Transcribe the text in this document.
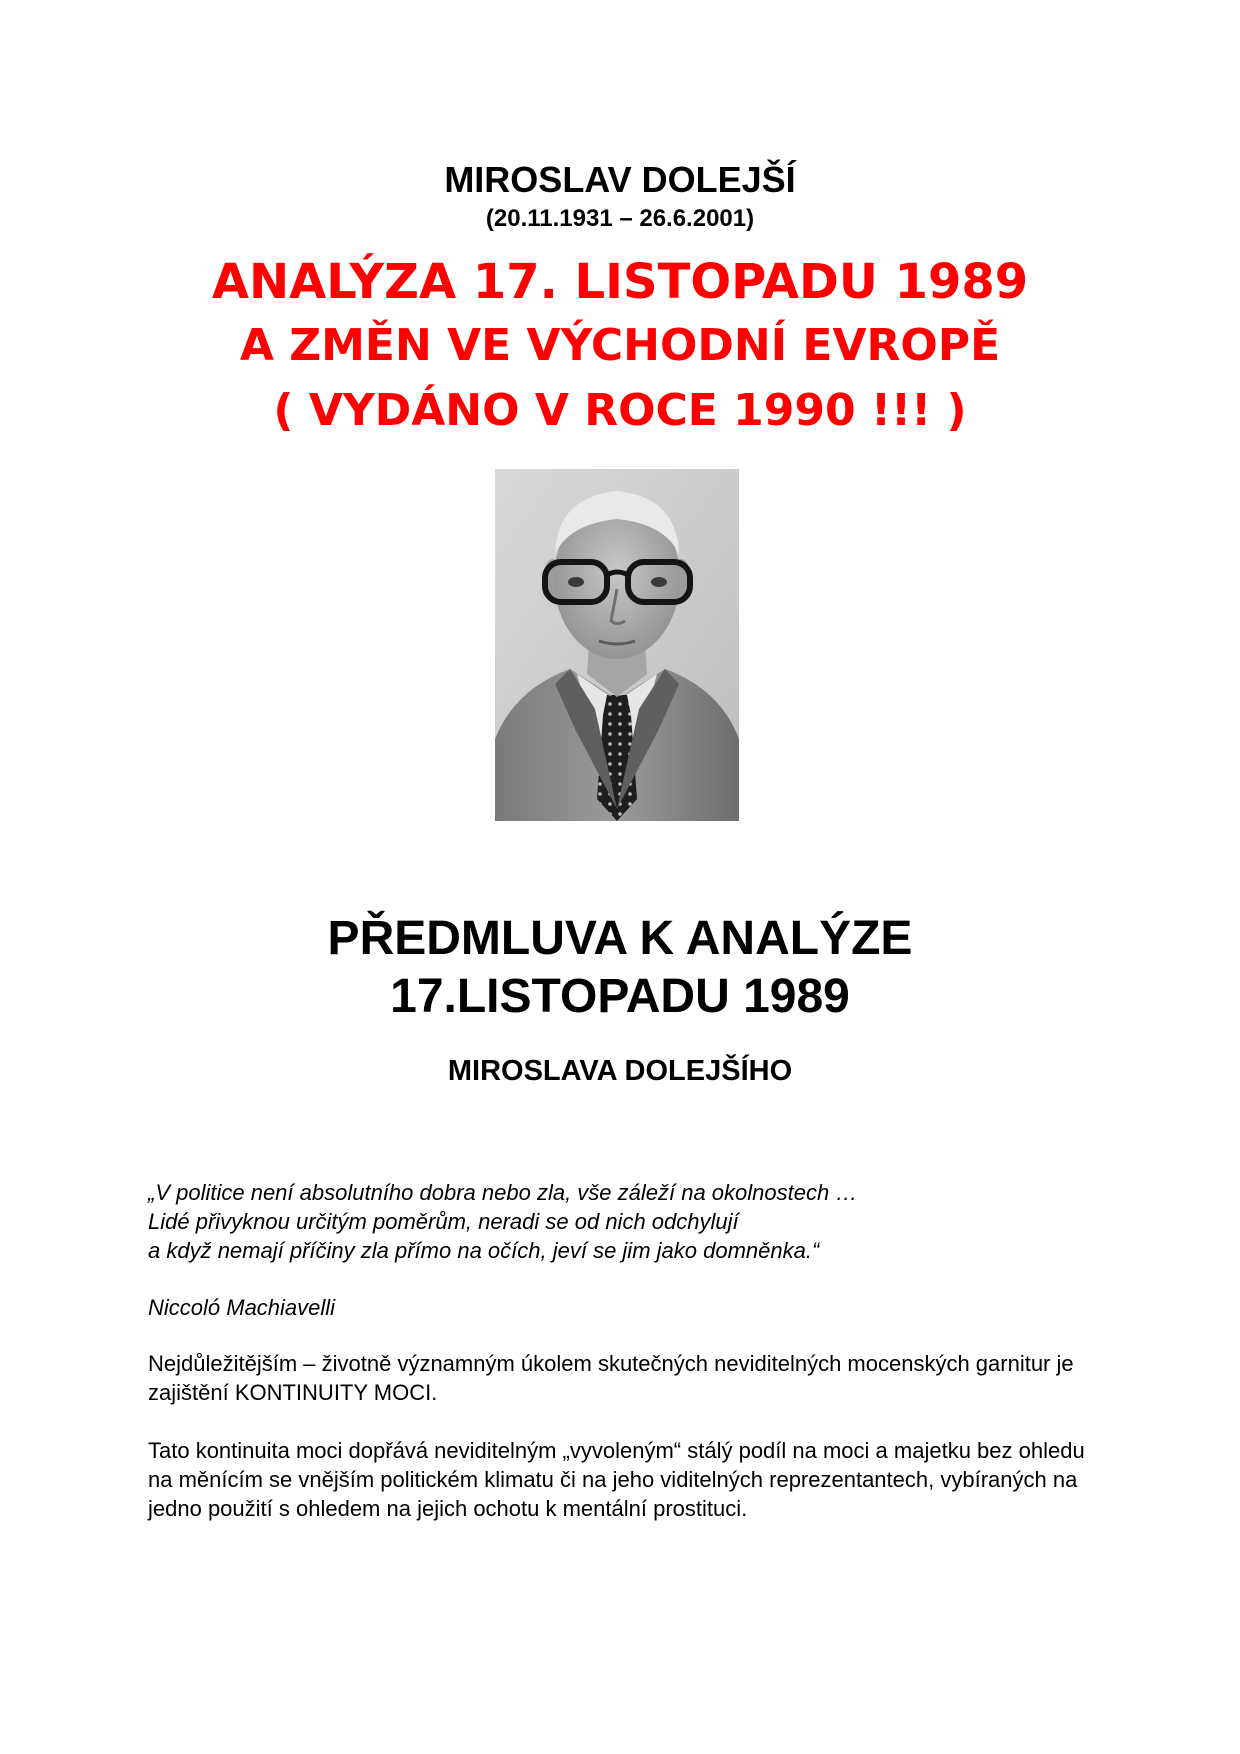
MIROSLAV DOLEJŠÍ
(20.11.1931 – 26.6.2001)
ANALÝZA 17. LISTOPADU 1989
A ZMĚN VE VÝCHODNÍ EVROPĚ
( VYDÁNO V ROCE 1990 !!! )
PŘEDMLUVA K ANALÝZE
17.LISTOPADU 1989
MIROSLAVA DOLEJŠÍHO
„V politice není absolutního dobra nebo zla, vše záleží na okolnostech …
Lidé přivyknou určitým poměrům, neradi se od nich odchylují
a když nemají příčiny zla přímo na očích, jeví se jim jako domněnka.“
Niccoló Machiavelli
Nejdůležitějším – životně významným úkolem skutečných neviditelných mocenských garnitur je zajištění KONTINUITY MOCI.
Tato kontinuita moci dopřává neviditelným „vyvoleným“ stálý podíl na moci a majetku bez ohledu na měnícím se vnějším politickém klimatu či na jeho viditelných reprezentantech, vybíraných na jedno použití s ohledem na jejich ochotu k mentální prostituci.
